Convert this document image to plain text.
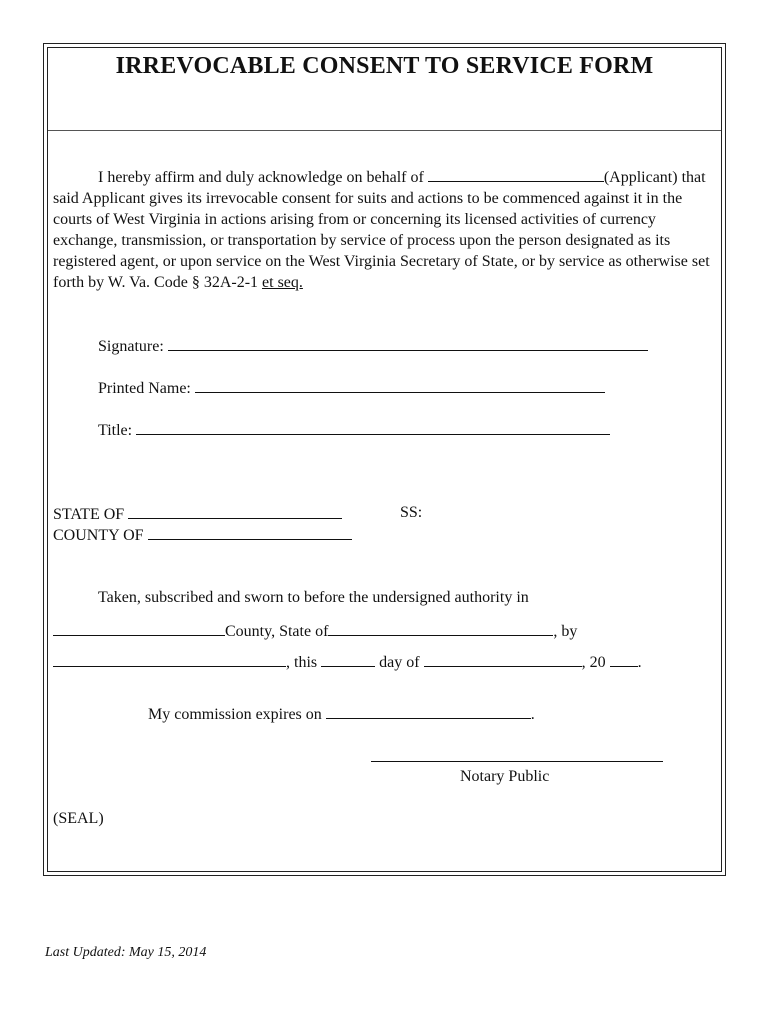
IRREVOCABLE CONSENT TO SERVICE FORM
I hereby affirm and duly acknowledge on behalf of	(Applicant) that said Applicant gives its irrevocable consent for suits and actions to be commenced against it in the courts of West Virginia in actions arising from or concerning its licensed activities of currency exchange, transmission, or transportation by service of process upon the person designated as its registered agent, or upon service on the West Virginia Secretary of State, or by service as otherwise set forth by W. Va. Code § 32A-2-1 et seq.
Signature:
Printed Name:
Title:
STATE OF	SS:
COUNTY OF
Taken, subscribed and sworn to before the undersigned authority in
County, State of	, by
, this	day of	, 20 .
My commission expires on	.
Notary Public
(SEAL)
Last Updated: May 15, 2014
